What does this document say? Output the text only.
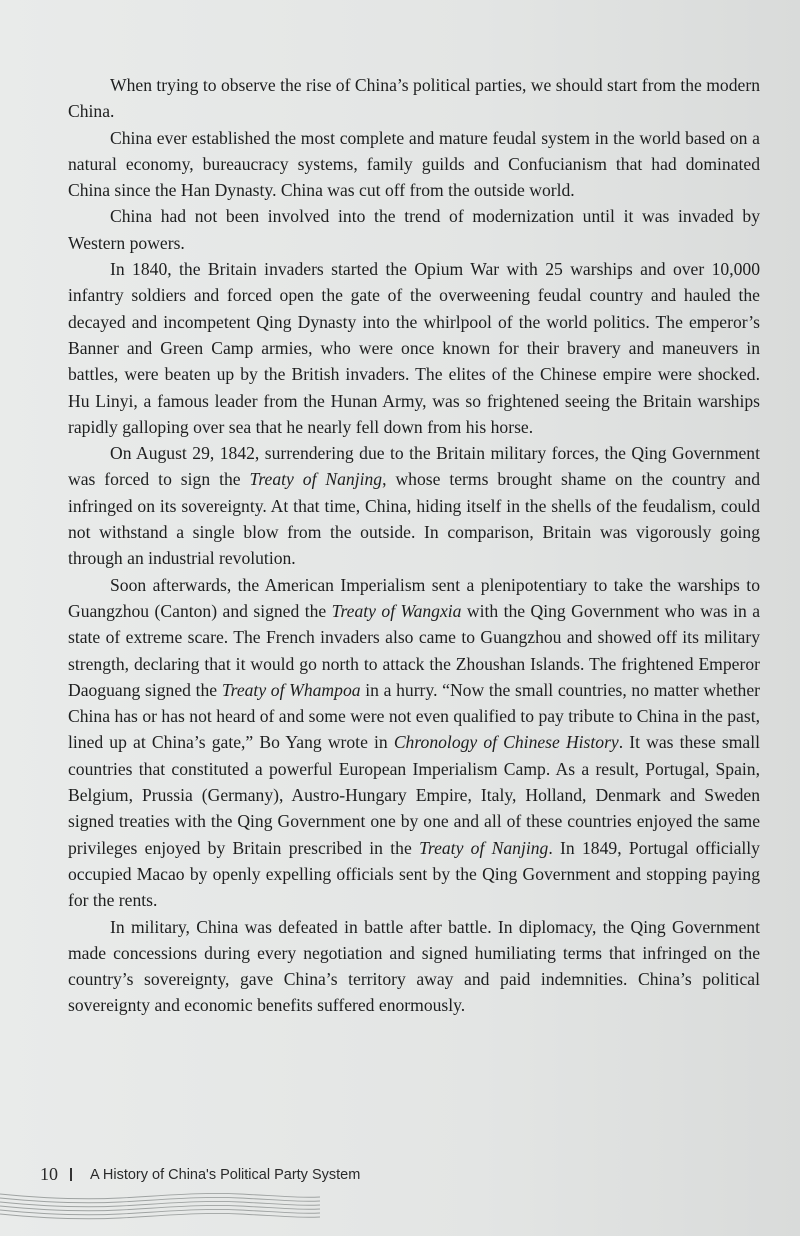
When trying to observe the rise of China’s political parties, we should start from the modern China.

China ever established the most complete and mature feudal system in the world based on a natural economy, bureaucracy systems, family guilds and Confucianism that had dominated China since the Han Dynasty. China was cut off from the outside world.

China had not been involved into the trend of modernization until it was invaded by Western powers.

In 1840, the Britain invaders started the Opium War with 25 warships and over 10,000 infantry soldiers and forced open the gate of the overweening feudal country and hauled the decayed and incompetent Qing Dynasty into the whirlpool of the world politics. The emperor’s Banner and Green Camp armies, who were once known for their bravery and maneuvers in battles, were beaten up by the British invaders. The elites of the Chinese empire were shocked. Hu Linyi, a famous leader from the Hunan Army, was so frightened seeing the Britain warships rapidly galloping over sea that he nearly fell down from his horse.

On August 29, 1842, surrendering due to the Britain military forces, the Qing Government was forced to sign the Treaty of Nanjing, whose terms brought shame on the country and infringed on its sovereignty. At that time, China, hiding itself in the shells of the feudalism, could not withstand a single blow from the outside. In comparison, Britain was vigorously going through an industrial revolution.

Soon afterwards, the American Imperialism sent a plenipotentiary to take the warships to Guangzhou (Canton) and signed the Treaty of Wangxia with the Qing Government who was in a state of extreme scare. The French invaders also came to Guangzhou and showed off its military strength, declaring that it would go north to attack the Zhoushan Islands. The frightened Emperor Daoguang signed the Treaty of Whampoa in a hurry. “Now the small countries, no matter whether China has or has not heard of and some were not even qualified to pay tribute to China in the past, lined up at China’s gate,” Bo Yang wrote in Chronology of Chinese History. It was these small countries that constituted a powerful European Imperialism Camp. As a result, Portugal, Spain, Belgium, Prussia (Germany), Austro-Hungary Empire, Italy, Holland, Denmark and Sweden signed treaties with the Qing Government one by one and all of these countries enjoyed the same privileges enjoyed by Britain prescribed in the Treaty of Nanjing. In 1849, Portugal officially occupied Macao by openly expelling officials sent by the Qing Government and stopping paying for the rents.

In military, China was defeated in battle after battle. In diplomacy, the Qing Government made concessions during every negotiation and signed humiliating terms that infringed on the country’s sovereignty, gave China’s territory away and paid indemnities. China’s political sovereignty and economic benefits suffered enormously.

10 A History of China's Political Party System
